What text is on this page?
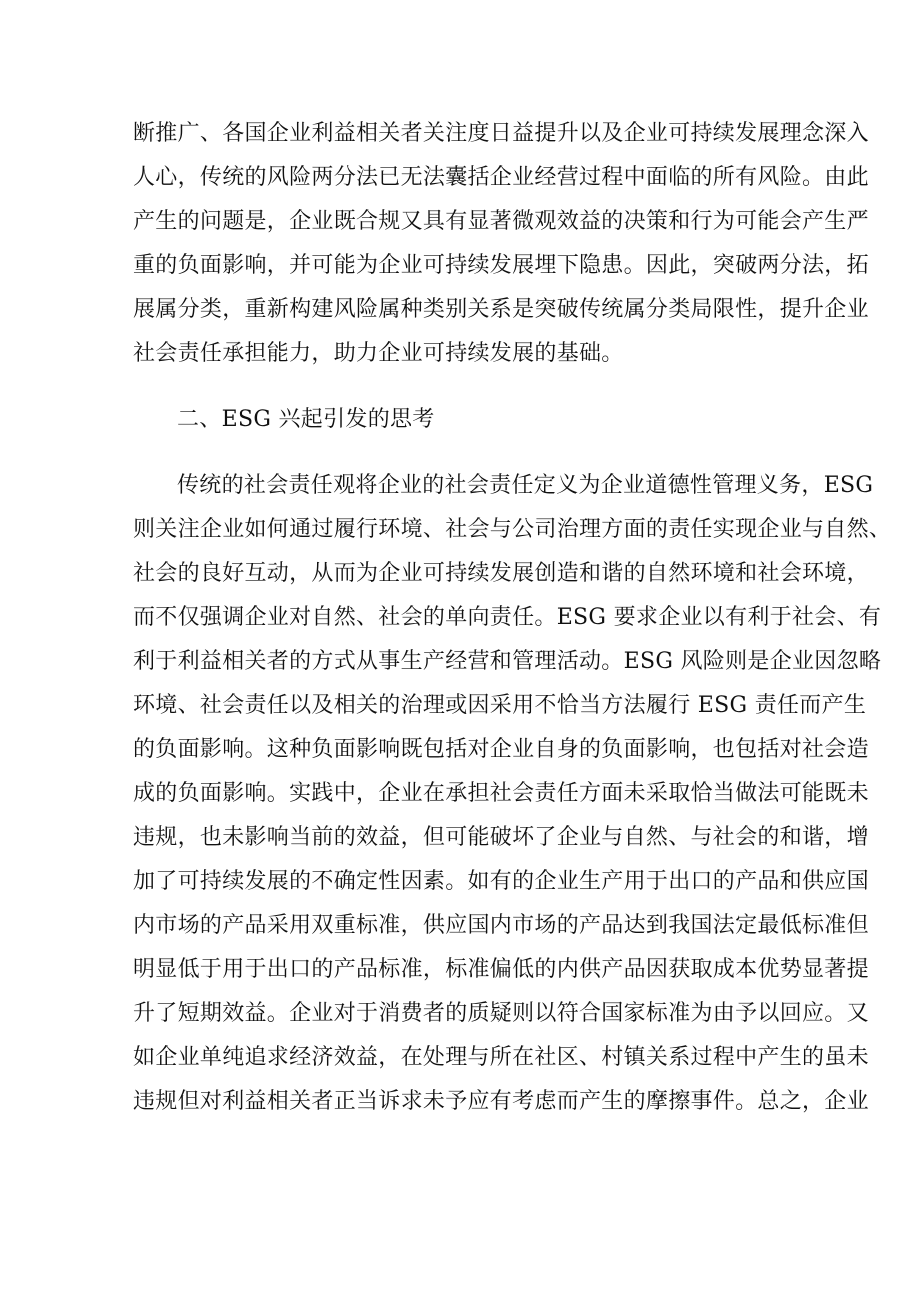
断推广、各国企业利益相关者关注度日益提升以及企业可持续发展理念深入
人心，传统的风险两分法已无法囊括企业经营过程中面临的所有风险。由此
产生的问题是，企业既合规又具有显著微观效益的决策和行为可能会产生严
重的负面影响，并可能为企业可持续发展埋下隐患。因此，突破两分法，拓
展属分类，重新构建风险属种类别关系是突破传统属分类局限性，提升企业
社会责任承担能力，助力企业可持续发展的基础。
二、ESG 兴起引发的思考
传统的社会责任观将企业的社会责任定义为企业道德性管理义务，ESG
则关注企业如何通过履行环境、社会与公司治理方面的责任实现企业与自然、
社会的良好互动，从而为企业可持续发展创造和谐的自然环境和社会环境，
而不仅强调企业对自然、社会的单向责任。ESG 要求企业以有利于社会、有
利于利益相关者的方式从事生产经营和管理活动。ESG 风险则是企业因忽略
环境、社会责任以及相关的治理或因采用不恰当方法履行 ESG 责任而产生
的负面影响。这种负面影响既包括对企业自身的负面影响，也包括对社会造
成的负面影响。实践中，企业在承担社会责任方面未采取恰当做法可能既未
违规，也未影响当前的效益，但可能破坏了企业与自然、与社会的和谐，增
加了可持续发展的不确定性因素。如有的企业生产用于出口的产品和供应国
内市场的产品采用双重标准，供应国内市场的产品达到我国法定最低标准但
明显低于用于出口的产品标准，标准偏低的内供产品因获取成本优势显著提
升了短期效益。企业对于消费者的质疑则以符合国家标准为由予以回应。又
如企业单纯追求经济效益，在处理与所在社区、村镇关系过程中产生的虽未
违规但对利益相关者正当诉求未予应有考虑而产生的摩擦事件。总之，企业
